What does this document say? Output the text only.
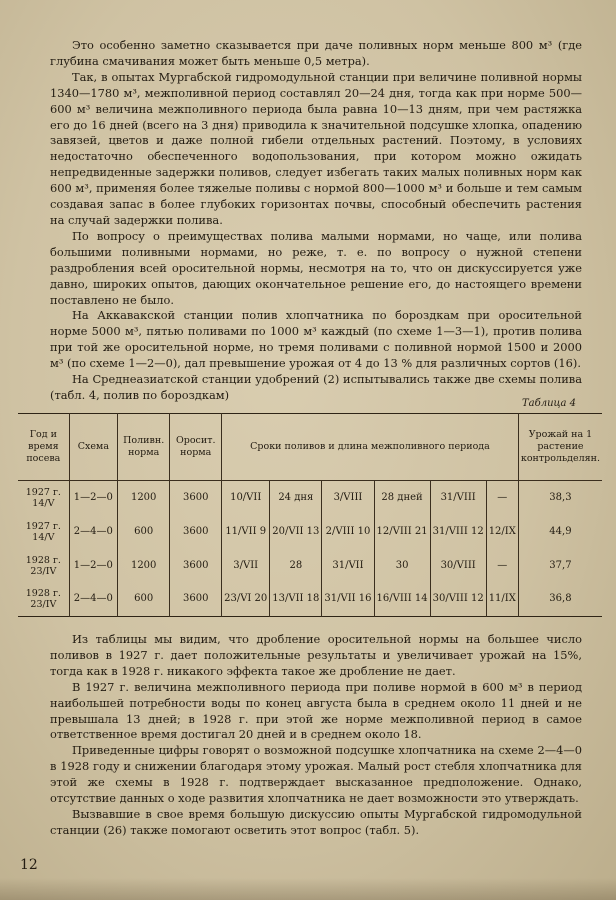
Это особенно заметно сказывается при даче поливных норм меньше 800 м³ (где глубина смачивания может быть меньше 0,5 метра).

Так, в опытах Мургабской гидромодульной станции при величине поливной нормы 1340—1780 м³, межполивной период составлял 20—24 дня, тогда как при норме 500—600 м³ величина межполивного периода была равна 10—13 дням, при чем растяжка его до 16 дней (всего на 3 дня) приводила к значительной подсушке хлопка, опадению завязей, цветов и даже полной гибели отдельных растений. Поэтому, в условиях недостаточно обеспеченного водопользования, при котором можно ожидать непредвиденные задержки поливов, следует избегать таких малых поливных норм как 600 м³, применяя более тяжелые поливы с нормой 800—1000 м³ и больше и тем самым создавая запас в более глубоких горизонтах почвы, способный обеспечить растения на случай задержки полива.

По вопросу о преимуществах полива малыми нормами, но чаще, или полива большими поливными нормами, но реже, т. е. по вопросу о нужной степени раздробления всей оросительной нормы, несмотря на то, что он дискуссируется уже давно, широких опытов, дающих окончательное решение его, до настоящего времени поставлено не было.

На Аккавакской станции полив хлопчатника по бороздкам при оросительной норме 5000 м³, пятью поливами по 1000 м³ каждый (по схеме 1—3—1), против полива при той же оросительной норме, но тремя поливами с поливной нормой 1500 и 2000 м³ (по схеме 1—2—0), дал превышение урожая от 4 до 13 % для различных сортов (16).

На Среднеазиатской станции удобрений (2) испытывались также две схемы полива (табл. 4, полив по бороздкам)

Таблица 4
Год и время посева	Схема	Поливн. норма	Оросит. норма	Сроки поливов и длина межполивного периода						Урожай на 1 растение контрольделян.
1927 г. 14/V	1—2—0	1200	3600	10/VII	24 дня	3/VIII	28 дней	31/VIII	—	38,3
1927 г. 14/V	2—4—0	600	3600	11/VII 9	20/VII 13	2/VIII 10	12/VIII 21	31/VIII 12	12/IX	44,9
1928 г. 23/IV	1—2—0	1200	3600	3/VII	28	31/VII	30	30/VIII	—	37,7
1928 г. 23/IV	2—4—0	600	3600	23/VI 20	13/VII 18	31/VII 16	16/VIII 14	30/VIII 12	11/IX	36,8

Из таблицы мы видим, что дробление оросительной нормы на большее число поливов в 1927 г. дает положительные результаты и увеличивает урожай на 15%, тогда как в 1928 г. никакого эффекта такое же дробление не дает.

В 1927 г. величина межполивного периода при поливе нормой в 600 м³ в период наибольшей потребности воды по конец августа была в среднем около 11 дней и не превышала 13 дней; в 1928 г. при этой же норме межполивной период в самое ответственное время достигал 20 дней и в среднем около 18.

Приведенные цифры говорят о возможной подсушке хлопчатника на схеме 2—4—0 в 1928 году и снижении благодаря этому урожая. Малый рост стебля хлопчатника для этой же схемы в 1928 г. подтверждает высказанное предположение. Однако, отсутствие данных о ходе развития хлопчатника не дает возможности это утверждать.

Вызвавшие в свое время большую дискуссию опыты Мургабской гидромодульной станции (26) также помогают осветить этот вопрос (табл. 5).

12
